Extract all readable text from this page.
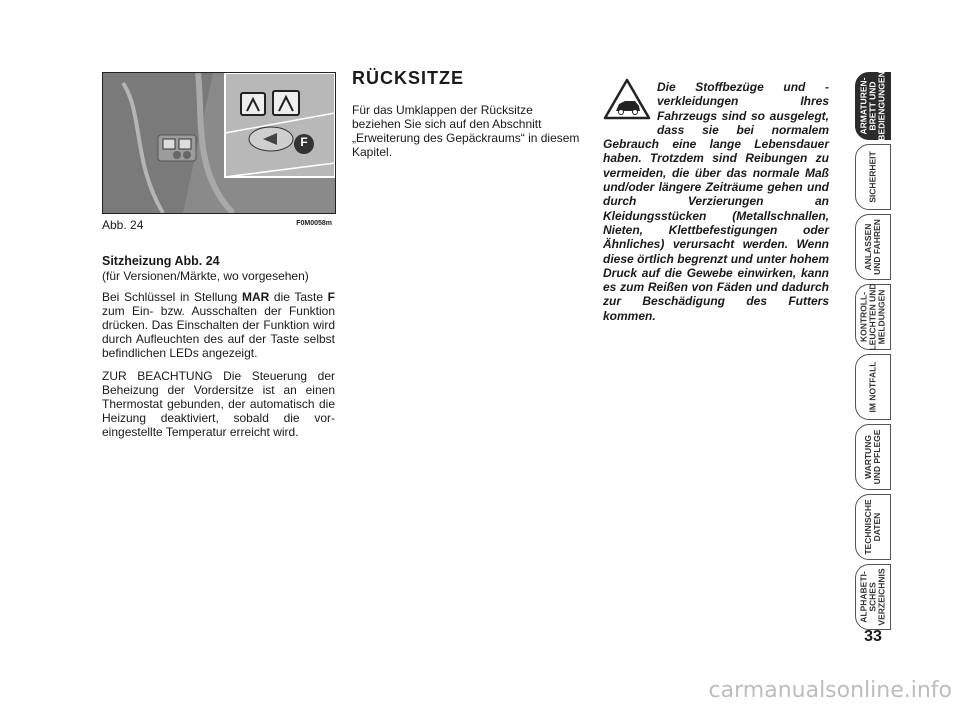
F
Abb. 24	F0M0058m
Sitzheizung Abb. 24
(für Versionen/Märkte, wo vorgesehen)

Bei Schlüssel in Stellung MAR die Taste F zum Ein- bzw. Ausschalten der Funktion drücken. Das Einschalten der Funktion wird durch Aufleuchten des auf der Taste selbst befindlichen LEDs angezeigt.

ZUR BEACHTUNG Die Steuerung der Beheizung der Vordersitze ist an einen Thermostat gebunden, der automatisch die Heizung deaktiviert, sobald die vor-eingestellte Temperatur erreicht wird.

RÜCKSITZE
Für das Umklappen der Rücksitze beziehen Sie sich auf den Abschnitt „Erweiterung des Gepäckraums“ in diesem Kapitel.
Die Stoffbezüge und -verkleidungen Ihres Fahrzeugs sind so ausgelegt, dass sie bei normalem Gebrauch eine lange Lebensdauer haben. Trotzdem sind Reibungen zu vermeiden, die über das normale Maß und/oder längere Zeiträume gehen und durch Verzierungen an Kleidungsstücken (Metallschnallen, Nieten, Klettbefestigungen oder Ähnliches) verursacht werden. Wenn diese örtlich begrenzt und unter hohem Druck auf die Gewebe einwirken, kann es zum Reißen von Fäden und dadurch zur Beschädigung des Futters kommen.
ARMATUREN-
BRETT UND
BEDIENGUNGEN
SICHERHEIT
ANLASSEN
UND FAHREN
KONTROLL-
LEUCHTEN UND
MELDUNGEN
IM NOTFALL
WARTUNG
UND PFLEGE
TECHNISCHE
DATEN
ALPHABETI-
SCHES
VERZEICHNIS
33
carmanualsonline.info
